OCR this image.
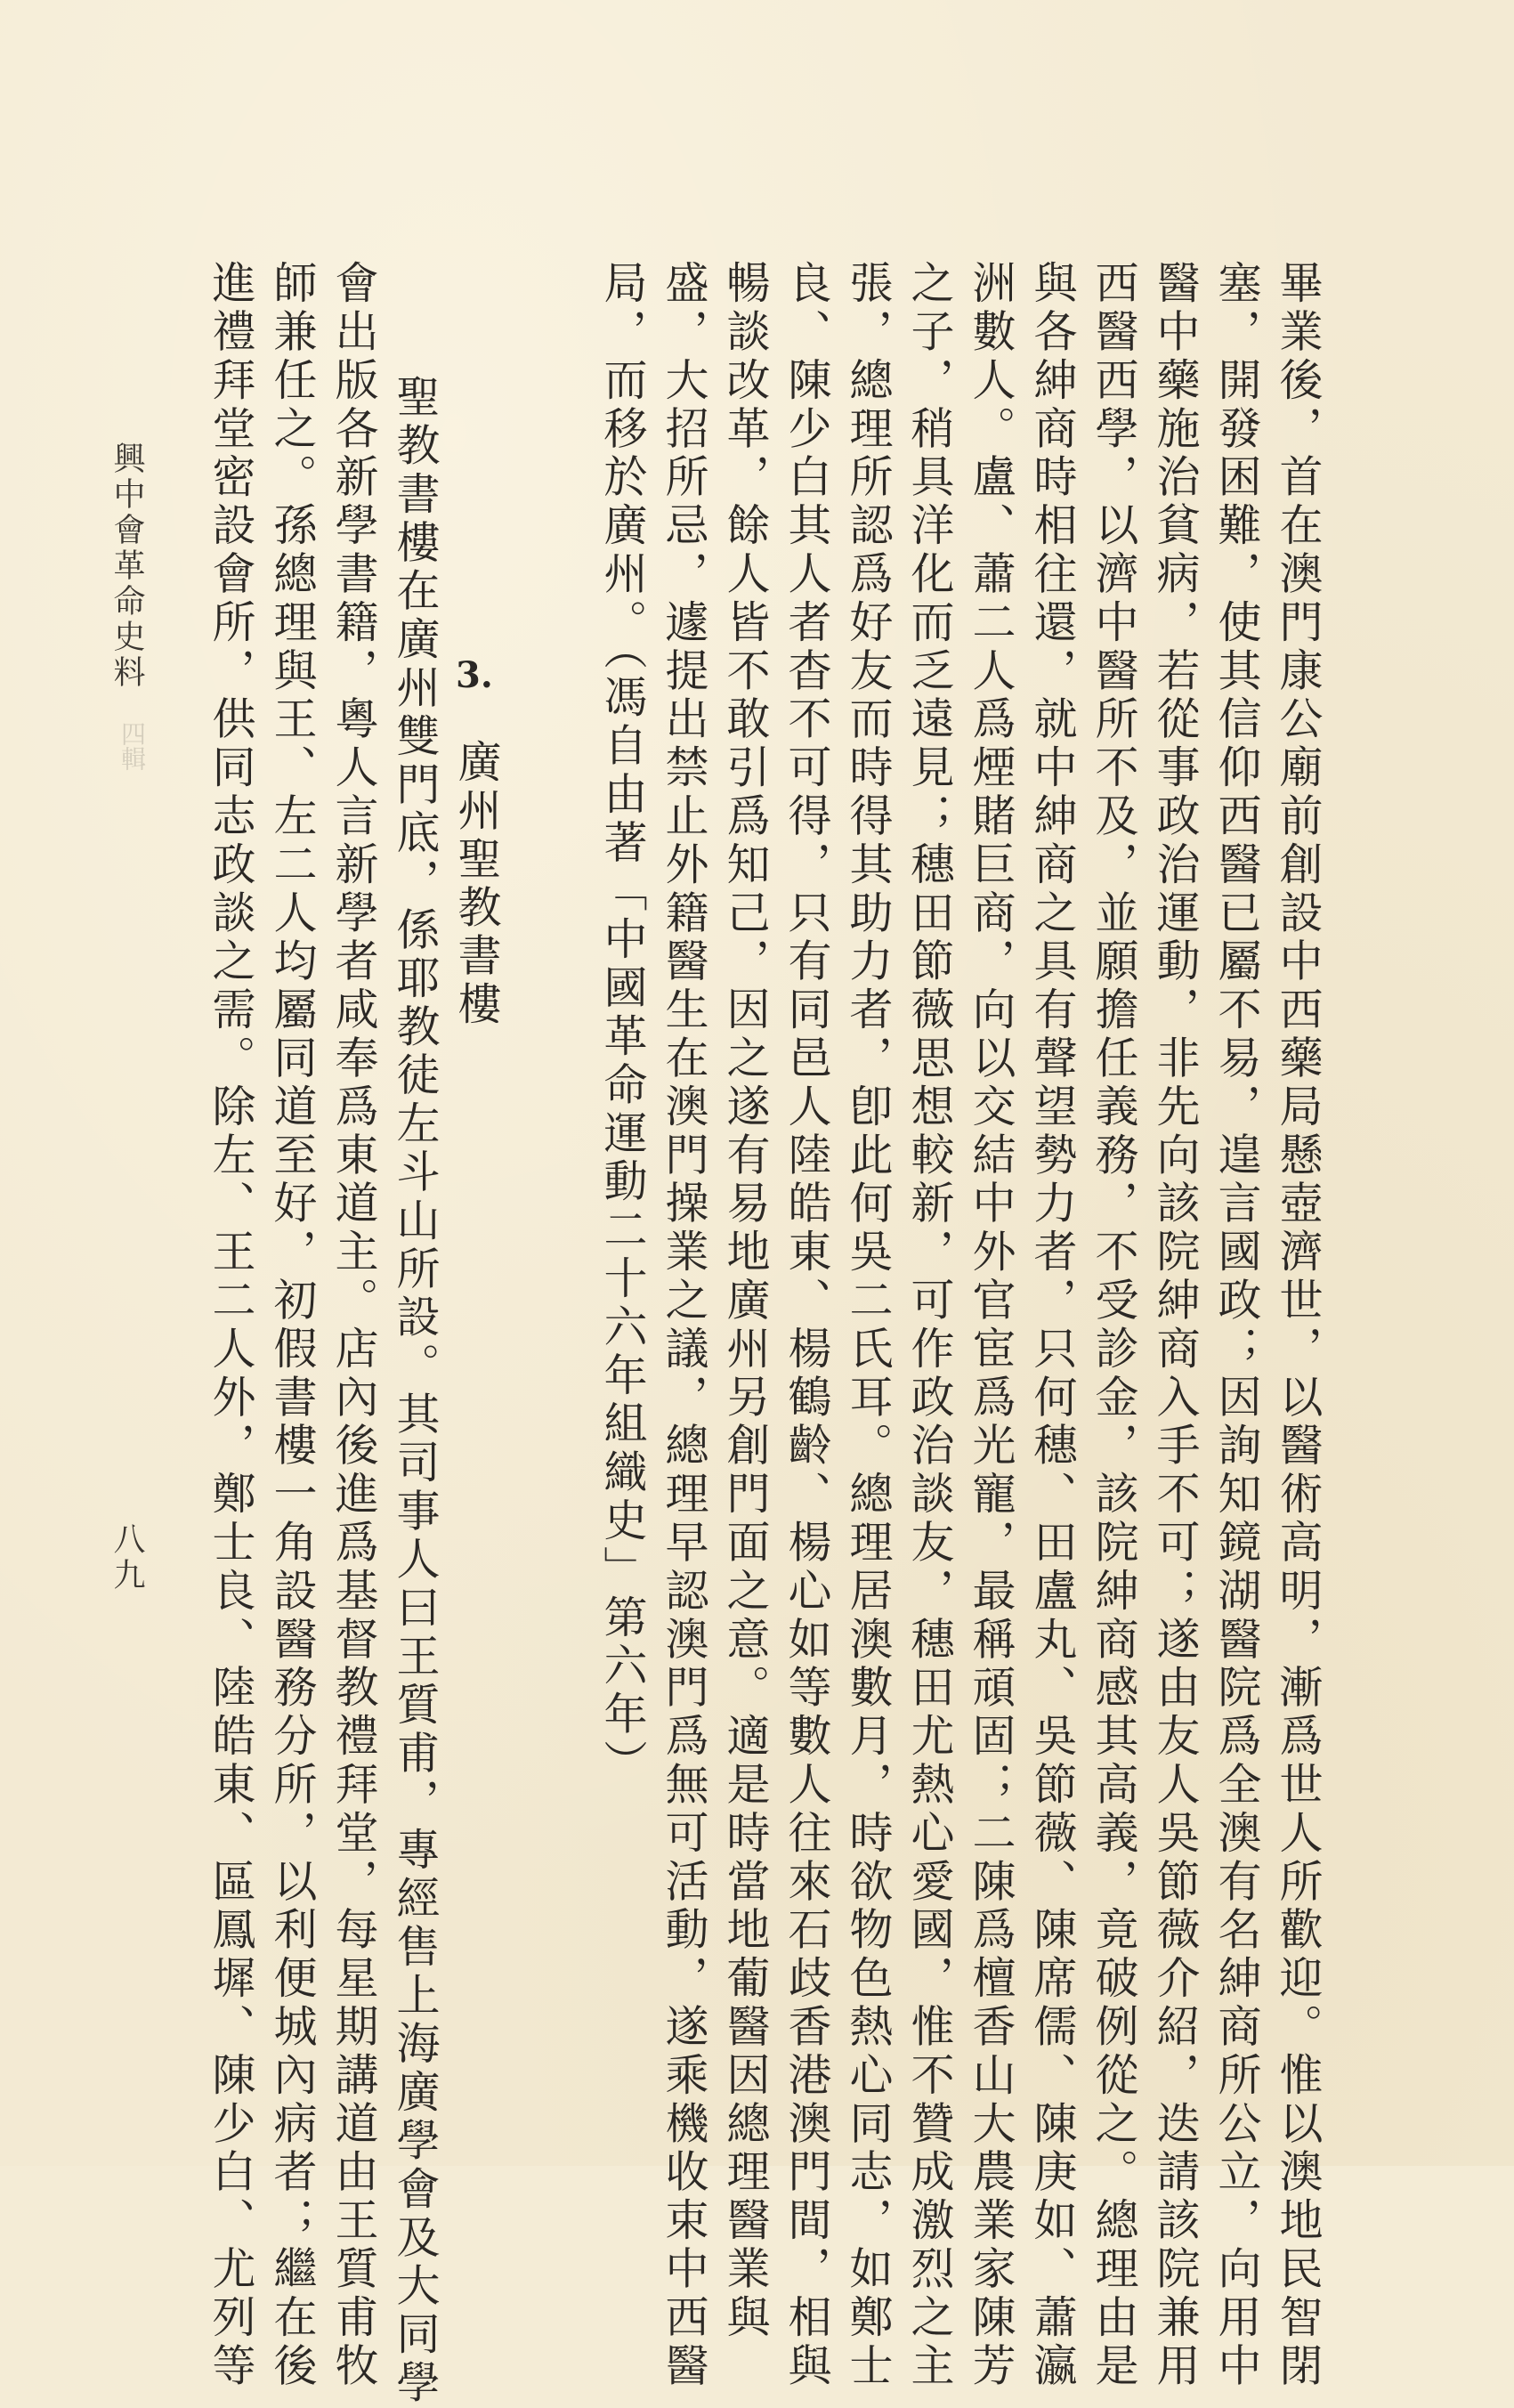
畢業後，首在澳門康公廟前創設中西藥局懸壺濟世，以醫術高明，漸爲世人所歡迎。惟以澳地民智閉
塞，開發困難，使其信仰西醫已屬不易，遑言國政；因詢知鏡湖醫院爲全澳有名紳商所公立，向用中
醫中藥施治貧病，若從事政治運動，非先向該院紳商入手不可；遂由友人吳節薇介紹，迭請該院兼用
西醫西學，以濟中醫所不及，並願擔任義務，不受診金，該院紳商感其高義，竟破例從之。總理由是
與各紳商時相往還，就中紳商之具有聲望勢力者，只何穗、田盧丸、吳節薇、陳席儒、陳庚如、蕭瀛
洲數人。盧、蕭二人爲煙賭巨商，向以交結中外官宦爲光寵，最稱頑固；二陳爲檀香山大農業家陳芳
之子，稍具洋化而乏遠見；穗田節薇思想較新，可作政治談友，穗田尤熱心愛國，惟不贊成激烈之主
張，總理所認爲好友而時得其助力者，卽此何吳二氏耳。總理居澳數月，時欲物色熱心同志，如鄭士
良、陳少白其人者杳不可得，只有同邑人陸皓東、楊鶴齡、楊心如等數人往來石歧香港澳門間，相與
暢談改革，餘人皆不敢引爲知己，因之遂有易地廣州另創門面之意。適是時當地葡醫因總理醫業與
盛，大招所忌，遽提出禁止外籍醫生在澳門操業之議，總理早認澳門爲無可活動，遂乘機收束中西醫
局，而移於廣州。（馮自由著「中國革命運動二十六年組織史」第六年）
3.
廣州聖教書樓
聖教書樓在廣州雙門底，係耶教徒左斗山所設。其司事人曰王質甫，專經售上海廣學會及大同學
會出版各新學書籍，粵人言新學者咸奉爲東道主。店內後進爲基督教禮拜堂，每星期講道由王質甫牧
師兼任之。孫總理與王、左二人均屬同道至好，初假書樓一角設醫務分所，以利便城內病者；繼在後
進禮拜堂密設會所，供同志政談之需。除左、王二人外，鄭士良、陸皓東、區鳳墀、陳少白、尤列等
興中會革命史料
四輯
八九
